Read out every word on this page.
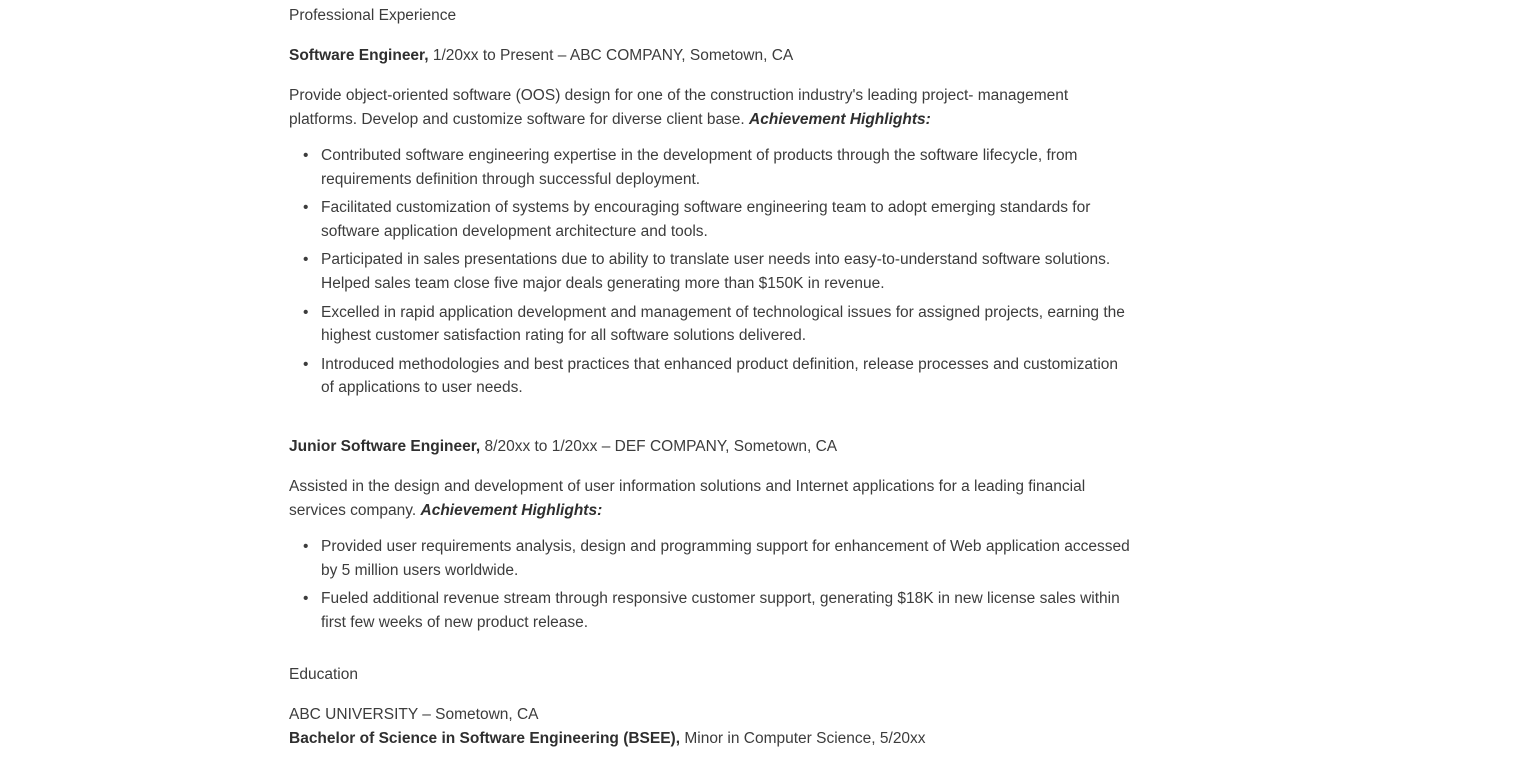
Professional Experience

Software Engineer, 1/20xx to Present – ABC COMPANY, Sometown, CA

Provide object-oriented software (OOS) design for one of the construction industry's leading project- management platforms. Develop and customize software for diverse client base. Achievement Highlights:

• Contributed software engineering expertise in the development of products through the software lifecycle, from requirements definition through successful deployment.
• Facilitated customization of systems by encouraging software engineering team to adopt emerging standards for software application development architecture and tools.
• Participated in sales presentations due to ability to translate user needs into easy-to-understand software solutions. Helped sales team close five major deals generating more than $150K in revenue.
• Excelled in rapid application development and management of technological issues for assigned projects, earning the highest customer satisfaction rating for all software solutions delivered.
• Introduced methodologies and best practices that enhanced product definition, release processes and customization of applications to user needs.

Junior Software Engineer, 8/20xx to 1/20xx – DEF COMPANY, Sometown, CA

Assisted in the design and development of user information solutions and Internet applications for a leading financial services company. Achievement Highlights:

• Provided user requirements analysis, design and programming support for enhancement of Web application accessed by 5 million users worldwide.
• Fueled additional revenue stream through responsive customer support, generating $18K in new license sales within first few weeks of new product release.

Education

ABC UNIVERSITY – Sometown, CA
Bachelor of Science in Software Engineering (BSEE), Minor in Computer Science, 5/20xx
